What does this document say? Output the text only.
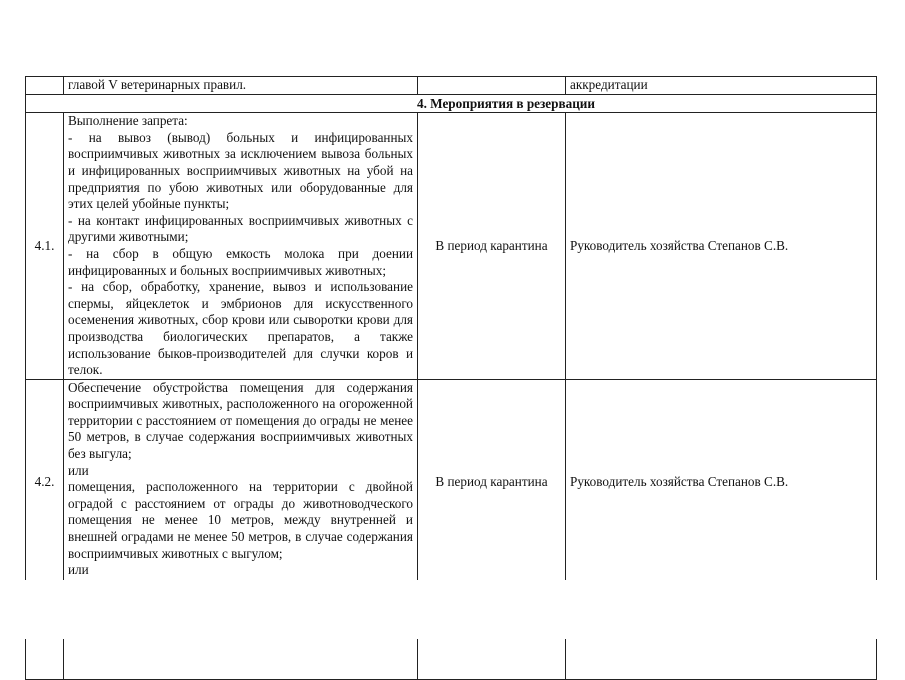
	главой V ветеринарных правил.		аккредитации
4. Мероприятия в резервации			
4.1.	Выполнение запрета:

- на вывоз (вывод) больных и инфицированных восприимчивых животных за исключением вывоза больных и инфицированных восприимчивых животных на убой на предприятия по убою животных или оборудованные для этих целей убойные пункты;

- на контакт инфицированных восприимчивых животных с другими животными;

- на сбор в общую емкость молока при доении инфицированных и больных восприимчивых животных;

- на сбор, обработку, хранение, вывоз и использование спермы, яйцеклеток и эмбрионов для искусственного осеменения животных, сбор крови или сыворотки крови для производства биологических препаратов, а также использование быков-производителей для случки коров и телок.	В период карантина	Руководитель хозяйства Степанов С.В.
4.2.	Обеспечение обустройства помещения для содержания восприимчивых животных, расположенного на огороженной территории с расстоянием от помещения до ограды не менее 50 метров, в случае содержания восприимчивых животных без выгула;

или

помещения, расположенного на территории с двойной оградой с расстоянием от ограды до животноводческого помещения не менее 10 метров, между внутренней и внешней оградами не менее 50 метров, в случае содержания восприимчивых животных с выгулом;

или	В период карантина	Руководитель хозяйства Степанов С.В.
